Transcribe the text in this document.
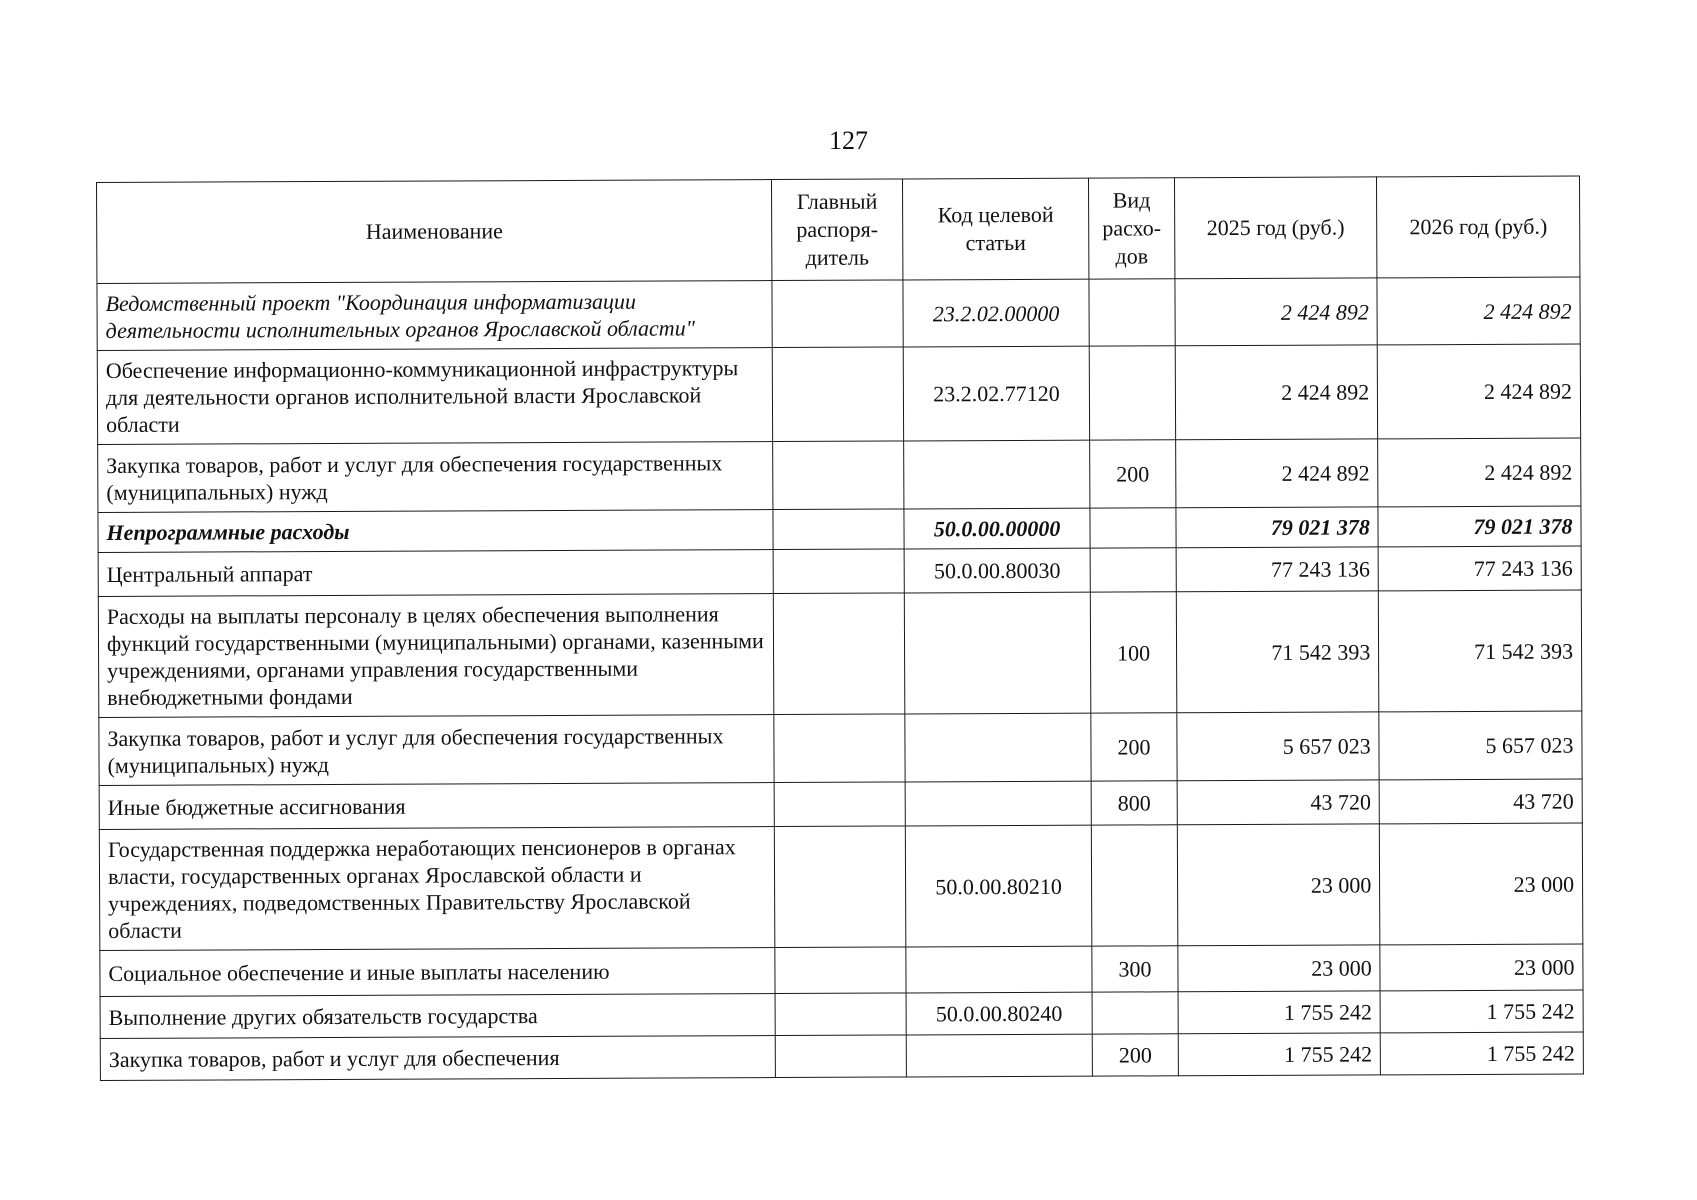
127
Наименование	Главный распоря-дитель	Код целевой статьи	Вид расхо-дов	2025 год (руб.)	2026 год (руб.)
Ведомственный проект "Координация информатизации деятельности исполнительных органов Ярославской области"		23.2.02.00000		2 424 892	2 424 892
Обеспечение информационно-коммуникационной инфраструктуры для деятельности органов исполнительной власти Ярославской области		23.2.02.77120		2 424 892	2 424 892
Закупка товаров, работ и услуг для обеспечения государственных (муниципальных) нужд			200	2 424 892	2 424 892
Непрограммные расходы		50.0.00.00000		79 021 378	79 021 378
Центральный аппарат		50.0.00.80030		77 243 136	77 243 136
Расходы на выплаты персоналу в целях обеспечения выполнения функций государственными (муниципальными) органами, казенными учреждениями, органами управления государственными внебюджетными фондами			100	71 542 393	71 542 393
Закупка товаров, работ и услуг для обеспечения государственных (муниципальных) нужд			200	5 657 023	5 657 023
Иные бюджетные ассигнования			800	43 720	43 720
Государственная поддержка неработающих пенсионеров в органах власти, государственных органах Ярославской области и учреждениях, подведомственных Правительству Ярославской области		50.0.00.80210		23 000	23 000
Социальное обеспечение и иные выплаты населению			300	23 000	23 000
Выполнение других обязательств государства		50.0.00.80240		1 755 242	1 755 242
Закупка товаров, работ и услуг для обеспечения			200	1 755 242	1 755 242
